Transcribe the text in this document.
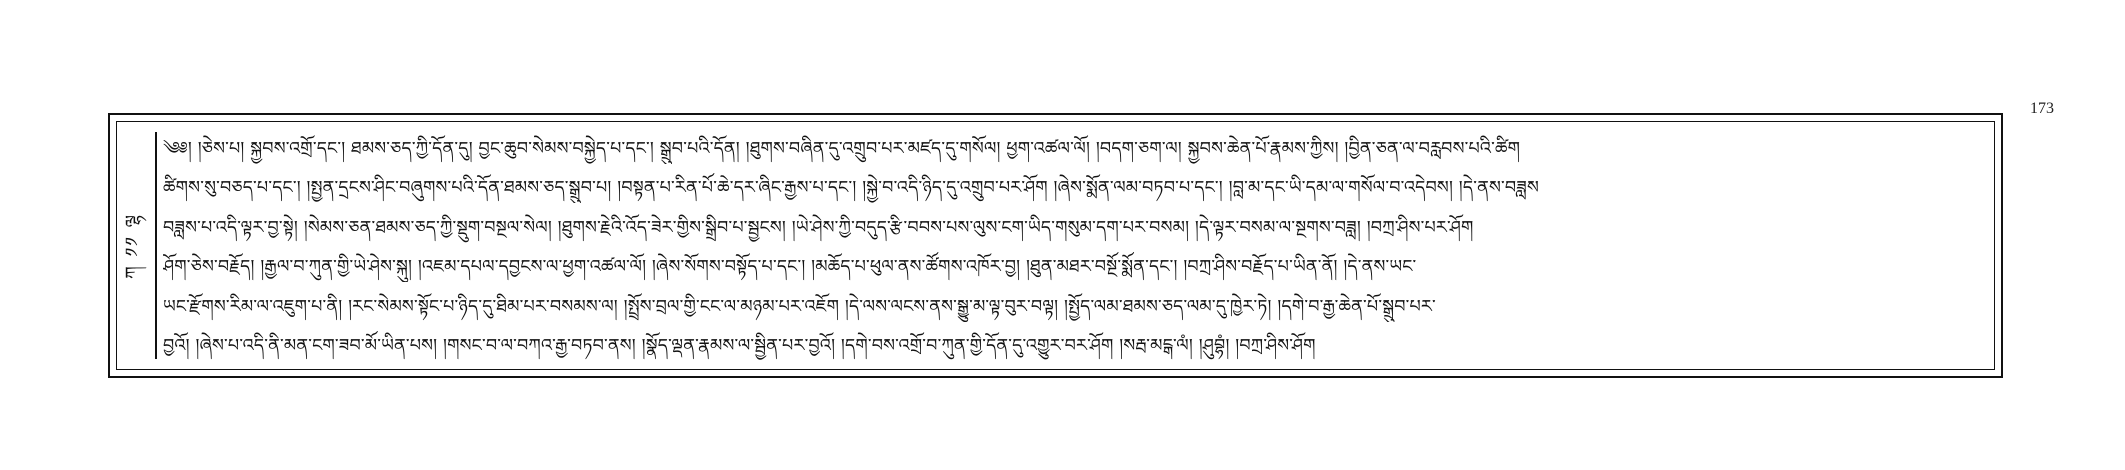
173
ཀ ༡༡ ལྷ
༄༅། །ཅེས་པ། སྐྱབས་འགྲོ་དང་། ཐམས་ཅད་ཀྱི་དོན་དུ། བྱང་ཆུབ་སེམས་བསྐྱེད་པ་དང་། སྒྲུབ་པའི་དོན། །ཐུགས་བཞིན་དུ་འགྲུབ་པར་མཛད་དུ་གསོལ། ཕྱག་འཚལ་ལོ། །བདག་ཅག་ལ། སྐྱབས་ཆེན་པོ་རྣམས་ཀྱིས། །བྱིན་ཅན་ལ་བརླབས་པའི་ཚིག
ཚིགས་སུ་བཅད་པ་དང་། །སྤྱན་དྲངས་ཤིང་བཞུགས་པའི་དོན་ཐམས་ཅད་སྒྲུབ་པ། །བསྟན་པ་རིན་པོ་ཆེ་དར་ཞིང་རྒྱས་པ་དང་། །སྐྱེ་བ་འདི་ཉིད་དུ་འགྲུབ་པར་ཤོག །ཞེས་སྨོན་ལམ་བཏབ་པ་དང་། །བླ་མ་དང་ཡི་དམ་ལ་གསོལ་བ་འདེབས། །དེ་ནས་བཟླས
བཟླས་པ་འདི་ལྟར་བྱ་སྟེ། །སེམས་ཅན་ཐམས་ཅད་ཀྱི་སྡུག་བསྔལ་སེལ། །ཐུགས་རྗེའི་འོད་ཟེར་གྱིས་སྒྲིབ་པ་སྦྱངས། །ཡེ་ཤེས་ཀྱི་བདུད་རྩི་བབས་པས་ལུས་ངག་ཡིད་གསུམ་དག་པར་བསམ། །དེ་ལྟར་བསམ་ལ་སྔགས་བཟླ། །བཀྲ་ཤིས་པར་ཤོག
ཤོག་ཅེས་བརྗོད། །རྒྱལ་བ་ཀུན་གྱི་ཡེ་ཤེས་སྐུ། །འཇམ་དཔལ་དབྱངས་ལ་ཕྱག་འཚལ་ལོ། །ཞེས་སོགས་བསྟོད་པ་དང་། །མཆོད་པ་ཕུལ་ནས་ཚོགས་འཁོར་བྱ། །ཐུན་མཐར་བསྔོ་སྨོན་དང་། །བཀྲ་ཤིས་བརྗོད་པ་ཡིན་ནོ། །དེ་ནས་ཡང་
ཡང་རྫོགས་རིམ་ལ་འཇུག་པ་ནི། །རང་སེམས་སྟོང་པ་ཉིད་དུ་ཐིམ་པར་བསམས་ལ། །སྤྲོས་བྲལ་གྱི་ངང་ལ་མཉམ་པར་འཇོག །དེ་ལས་ལངས་ནས་སྒྱུ་མ་ལྟ་བུར་བལྟ། །སྤྱོད་ལམ་ཐམས་ཅད་ལམ་དུ་ཁྱེར་ཏེ། །དགེ་བ་རྒྱ་ཆེན་པོ་སྒྲུབ་པར་
བྱའོ། །ཞེས་པ་འདི་ནི་མན་ངག་ཟབ་མོ་ཡིན་པས། །གསང་བ་ལ་བཀའ་རྒྱ་བཏབ་ནས། །སྣོད་ལྡན་རྣམས་ལ་སྦྱིན་པར་བྱའོ། །དགེ་བས་འགྲོ་བ་ཀུན་གྱི་དོན་དུ་འགྱུར་བར་ཤོག །སརྦ་མངྒ་ལཾ། །ཤུབྷཾ། །བཀྲ་ཤིས་ཤོག
